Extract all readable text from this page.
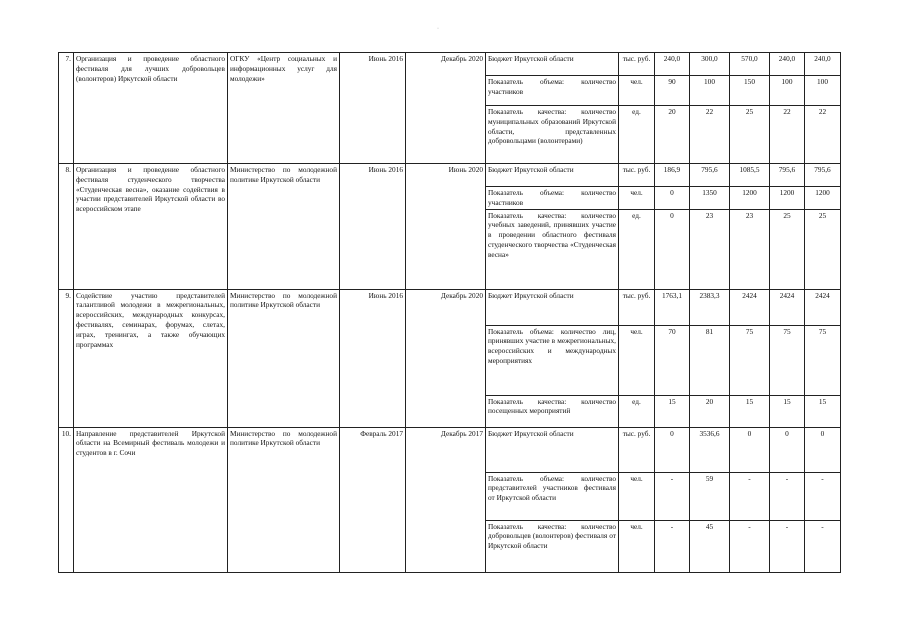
·
7.	Организация и проведение областного фестиваля для лучших добровольцев (волонтеров) Иркутской области	ОГКУ «Центр социальных и информационных услуг для молодежи»	Июнь 2016	Декабрь 2020	Бюджет Иркутской области	тыс. руб.	240,0	300,0	570,0	240,0	240,0
					Показатель объема: количество участников	чел.	90	100	150	100	100
					Показатель качества: количество муниципальных образований Иркутской области, представленных добровольцами (волонтерами)	ед.	20	22	25	22	22
8.	Организация и проведение областного фестиваля студенческого творчества «Студенческая весна», оказание содействия в участии представителей Иркутской области во всероссийском этапе	Министерство по молодежной политике Иркутской области	Июнь 2016	Июнь 2020	Бюджет Иркутской области	тыс. руб.	186,9	795,6	1085,5	795,6	795,6
					Показатель объема: количество участников	чел.	0	1350	1200	1200	1200
					Показатель качества: количество учебных заведений, принявших участие в проведении областного фестиваля студенческого творчества «Студенческая весна»	ед.	0	23	23	25	25
9.	Содействие участию представителей талантливой молодежи в межрегиональных, всероссийских, международных конкурсах, фестивалях, семинарах, форумах, слетах, играх, тренингах, а также обучающих программах	Министерство по молодежной политике Иркутской области	Июнь 2016	Декабрь 2020	Бюджет Иркутской области	тыс. руб.	1763,1	2383,3	2424	2424	2424
					Показатель объема: количество лиц, принявших участие в межрегиональных, всероссийских и международных мероприятиях	чел.	70	81	75	75	75
					Показатель качества: количество посещенных мероприятий	ед.	15	20	15	15	15
10.	Направление представителей Иркутской области на Всемирный фестиваль молодежи и студентов в г. Сочи	Министерство по молодежной политике Иркутской области	Февраль 2017	Декабрь 2017	Бюджет Иркутской области	тыс. руб.	0	3536,6	0	0	0
					Показатель объема: количество представителей участников фестиваля от Иркутской области	чел.	-	59	-	-	-
					Показатель качества: количество добровольцев (волонтеров) фестиваля от Иркутской области	чел.	-	45	-	-	-
